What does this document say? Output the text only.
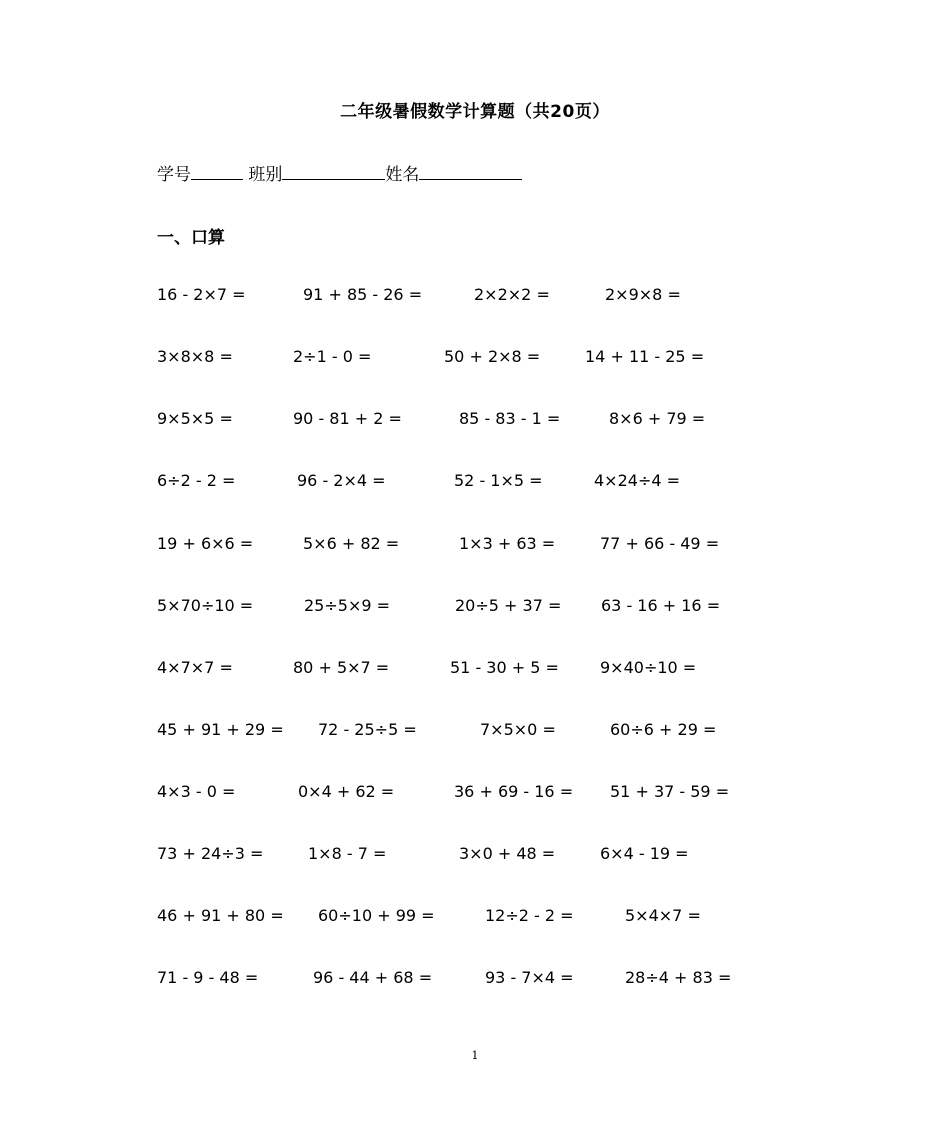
二年级暑假数学计算题（共20页）
学号	班别	姓名
一、口算
16 - 2×7 =	91 + 85 - 26 =	2×2×2 =	2×9×8 =
3×8×8 =	2÷1 - 0 =	50 + 2×8 =	14 + 11 - 25 =
9×5×5 =	90 - 81 + 2 =	85 - 83 - 1 =	8×6 + 79 =
6÷2 - 2 =	96 - 2×4 =	52 - 1×5 =	4×24÷4 =
19 + 6×6 =	5×6 + 82 =	1×3 + 63 =	77 + 66 - 49 =
5×70÷10 =	25÷5×9 =	20÷5 + 37 = 63 - 16 + 16 =
4×7×7 =	80 + 5×7 =	51 - 30 + 5 =	9×40÷10 =
45 + 91 + 29 = 72 - 25÷5 =	7×5×0 =	60÷6 + 29 =
4×3 - 0 =	0×4 + 62 =	36 + 69 - 16 = 51 + 37 - 59 =
73 + 24÷3 =	1×8 - 7 =	3×0 + 48 =	6×4 - 19 =
46 + 91 + 80 = 60÷10 + 99 =	12÷2 - 2 =	5×4×7 =
71 - 9 - 48 =	96 - 44 + 68 =	93 - 7×4 =	28÷4 + 83 =
1
